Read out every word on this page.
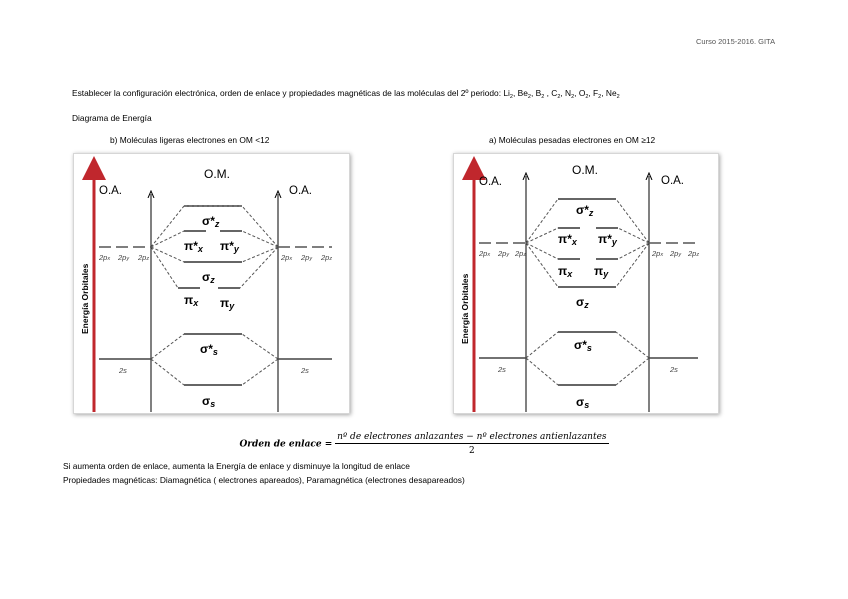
Curso 2015-2016. GITA
Establecer la configuración electrónica, orden de enlace y propiedades magnéticas de las moléculas del 2º periodo: $Li_2$, $Be_2$, $B_2$ , $C_2$, $N_2$, $O_2$, $F_2$, $Ne_2$
Diagrama de Energía
b) Moléculas ligeras electrones en OM <12	a) Moléculas pesadas electrones en OM ≥12
Energía Orbitales
O.M.
O.A.	O.A.
2px 2py 2pz	2px 2py 2pz
2s	2s
σ*z
π*x π*y
σz
πx πy
σ*s
σs
Energía Orbitales
O.M.
O.A.	O.A.
2px 2py 2pz	2px 2py 2pz
2s	2s
σ*z
π*x π*y
πx πy
σz
σ*s
σs
Orden de enlace = $\frac{\text{nº de electrones anlazantes − nº electrones antienlazantes}}{2}$
Si aumenta orden de enlace, aumenta la Energía de enlace y disminuye la longitud de enlace
Propiedades magnéticas: Diamagnética ( electrones apareados), Paramagnética (electrones desapareados)
